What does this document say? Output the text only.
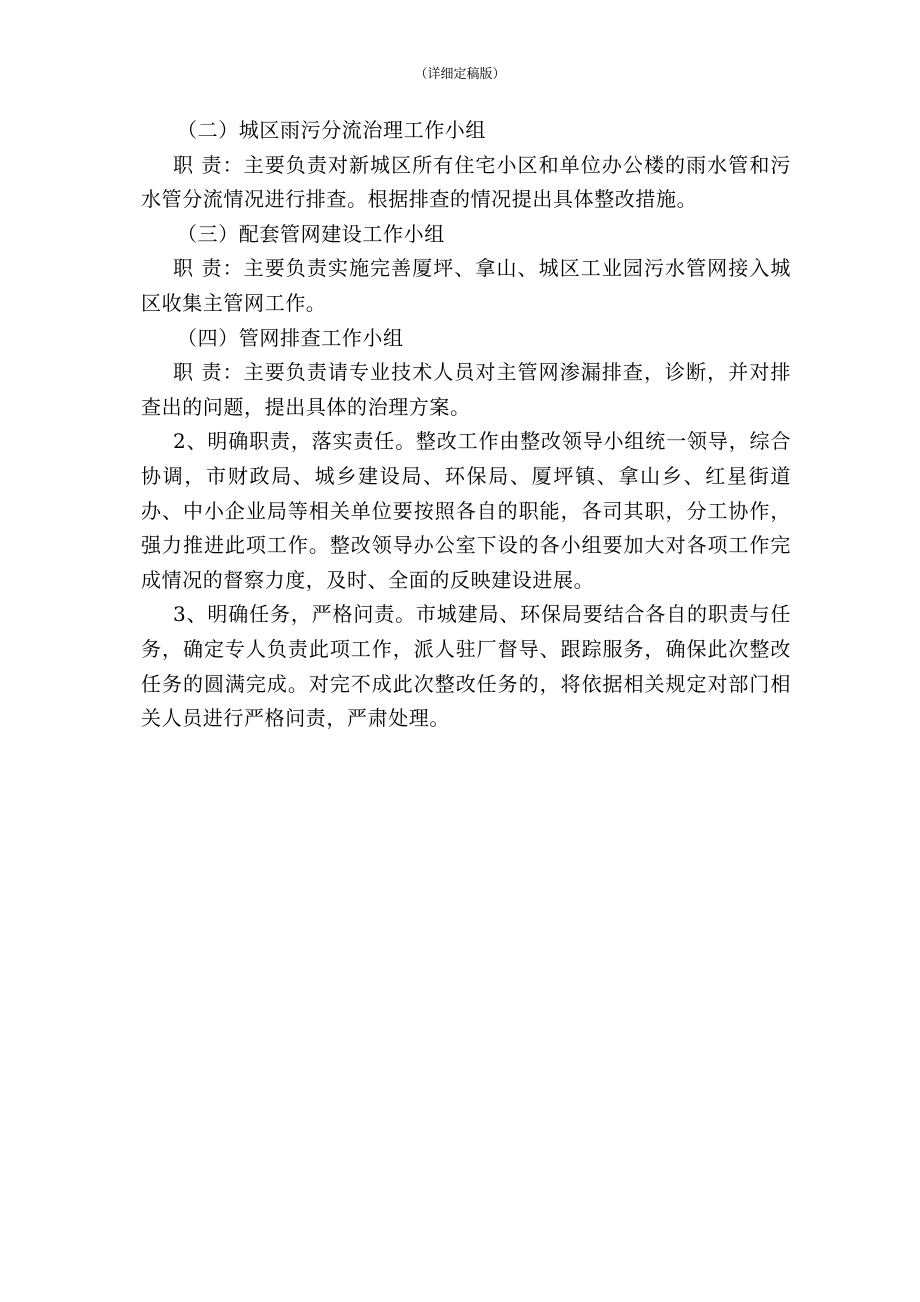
（详细定稿版）

（二）城区雨污分流治理工作小组

职 责：主要负责对新城区所有住宅小区和单位办公楼的雨水管和污水管分流情况进行排查。根据排查的情况提出具体整改措施。

（三）配套管网建设工作小组

职 责：主要负责实施完善厦坪、拿山、城区工业园污水管网接入城区收集主管网工作。

（四）管网排查工作小组

职 责：主要负责请专业技术人员对主管网渗漏排查，诊断，并对排查出的问题，提出具体的治理方案。

2、明确职责，落实责任。整改工作由整改领导小组统一领导，综合协调，市财政局、城乡建设局、环保局、厦坪镇、拿山乡、红星街道办、中小企业局等相关单位要按照各自的职能，各司其职，分工协作，强力推进此项工作。整改领导办公室下设的各小组要加大对各项工作完成情况的督察力度，及时、全面的反映建设进展。

3、明确任务，严格问责。市城建局、环保局要结合各自的职责与任务，确定专人负责此项工作，派人驻厂督导、跟踪服务，确保此次整改任务的圆满完成。对完不成此次整改任务的，将依据相关规定对部门相关人员进行严格问责，严肃处理。
